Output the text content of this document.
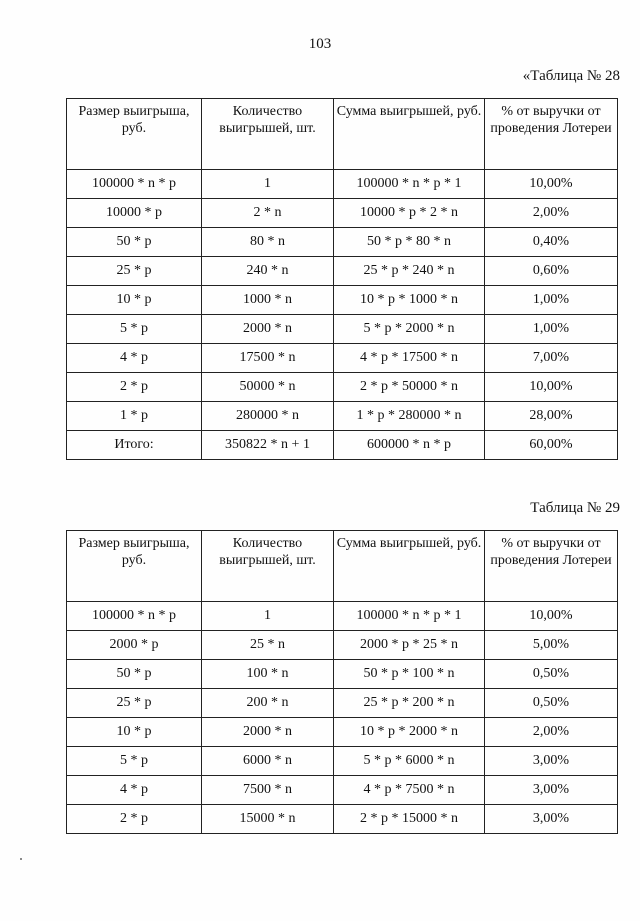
103
«Таблица № 28
Размер выигрыша, руб.	Количество выигрышей, шт.	Сумма выигрышей, руб.	% от выручки от проведения Лотереи
100000 * n * p	1	100000 * n * p * 1	10,00%
10000 * p	2 * n	10000 * p * 2 * n	2,00%
50 * p	80 * n	50 * p * 80 * n	0,40%
25 * p	240 * n	25 * p * 240 * n	0,60%
10 * p	1000 * n	10 * p * 1000 * n	1,00%
5 * p	2000 * n	5 * p * 2000 * n	1,00%
4 * p	17500 * n	4 * p * 17500 * n	7,00%
2 * p	50000 * n	2 * p * 50000 * n	10,00%
1 * p	280000 * n	1 * p * 280000 * n	28,00%
Итого:	350822 * n + 1	600000 * n * p	60,00%
Таблица № 29
Размер выигрыша, руб.	Количество выигрышей, шт.	Сумма выигрышей, руб.	% от выручки от проведения Лотереи
100000 * n * p	1	100000 * n * p * 1	10,00%
2000 * p	25 * n	2000 * p * 25 * n	5,00%
50 * p	100 * n	50 * p * 100 * n	0,50%
25 * p	200 * n	25 * p * 200 * n	0,50%
10 * p	2000 * n	10 * p * 2000 * n	2,00%
5 * p	6000 * n	5 * p * 6000 * n	3,00%
4 * p	7500 * n	4 * p * 7500 * n	3,00%
2 * p	15000 * n	2 * p * 15000 * n	3,00%
